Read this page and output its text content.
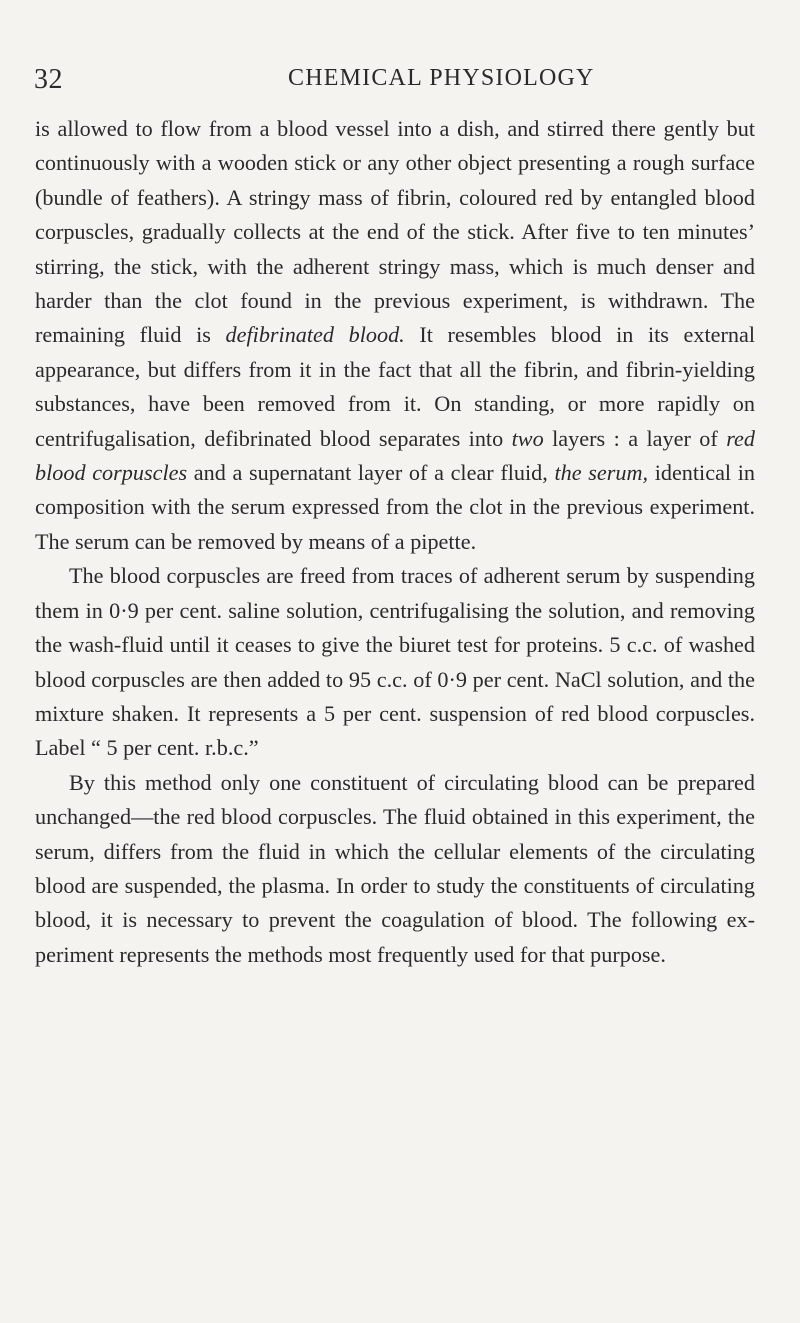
32	CHEMICAL PHYSIOLOGY

is allowed to flow from a blood vessel into a dish, and stirred there gently but continuously with a wooden stick or any other object presenting a rough surface (bundle of feathers). A stringy mass of fibrin, coloured red by entangled blood corpuscles, gradually collects at the end of the stick. After five to ten minutes’ stirring, the stick, with the adherent stringy mass, which is much denser and harder than the clot found in the previous experiment, is withdrawn. The remaining fluid is defibrinated blood. It resembles blood in its external appearance, but differs from it in the fact that all the fibrin, and fibrin-yielding substances, have been removed from it. On standing, or more rapidly on centrifugalisation, defibrinated blood separates into two layers : a layer of red blood corpuscles and a supernatant layer of a clear fluid, the serum, identical in composition with the serum expressed from the clot in the previous experiment. The serum can be removed by means of a pipette.

The blood corpuscles are freed from traces of adherent serum by suspending them in 0·9 per cent. saline solution, centrifugalising the solution, and removing the wash-fluid until it ceases to give the biuret test for proteins. 5 c.c. of washed blood corpuscles are then added to 95 c.c. of 0·9 per cent. NaCl solution, and the mixture shaken. It represents a 5 per cent. suspension of red blood corpuscles. Label “ 5 per cent. r.b.c.”

By this method only one constituent of circulating blood can be prepared unchanged—the red blood corpuscles. The fluid obtained in this experiment, the serum, differs from the fluid in which the cellular elements of the circulating blood are suspended, the plasma. In order to study the constituents of circulating blood, it is necessary to prevent the coagulation of blood. The following experiment represents the methods most frequently used for that purpose.
